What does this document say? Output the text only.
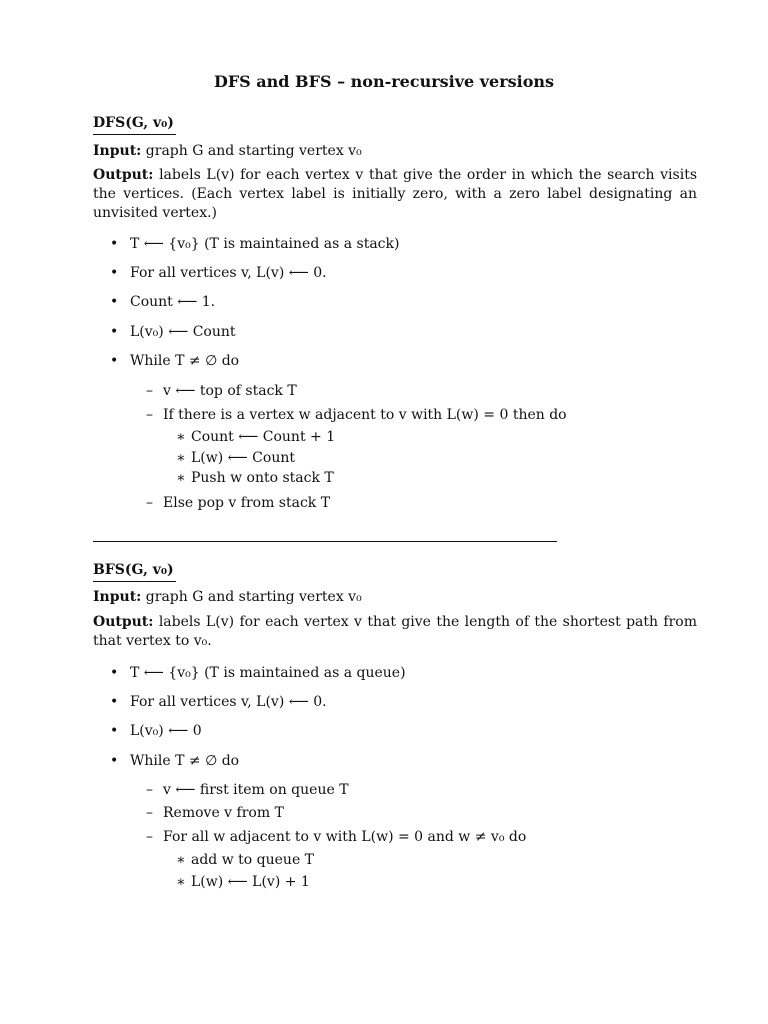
DFS and BFS – non-recursive versions
DFS(G, v₀)
Input: graph G and starting vertex v₀
Output: labels L(v) for each vertex v that give the order in which the search visits the vertices. (Each vertex label is initially zero, with a zero label designating an unvisited vertex.)
• T ⟵ {v₀} (T is maintained as a stack)
• For all vertices v, L(v) ⟵ 0.
• Count ⟵ 1.
• L(v₀) ⟵ Count
• While T ≠ ∅ do
– v ⟵ top of stack T
– If there is a vertex w adjacent to v with L(w) = 0 then do
∗ Count ⟵ Count + 1
∗ L(w) ⟵ Count
∗ Push w onto stack T
– Else pop v from stack T
BFS(G, v₀)
Input: graph G and starting vertex v₀
Output: labels L(v) for each vertex v that give the length of the shortest path from that vertex to v₀.
• T ⟵ {v₀} (T is maintained as a queue)
• For all vertices v, L(v) ⟵ 0.
• L(v₀) ⟵ 0
• While T ≠ ∅ do
– v ⟵ first item on queue T
– Remove v from T
– For all w adjacent to v with L(w) = 0 and w ≠ v₀ do
∗ add w to queue T
∗ L(w) ⟵ L(v) + 1
